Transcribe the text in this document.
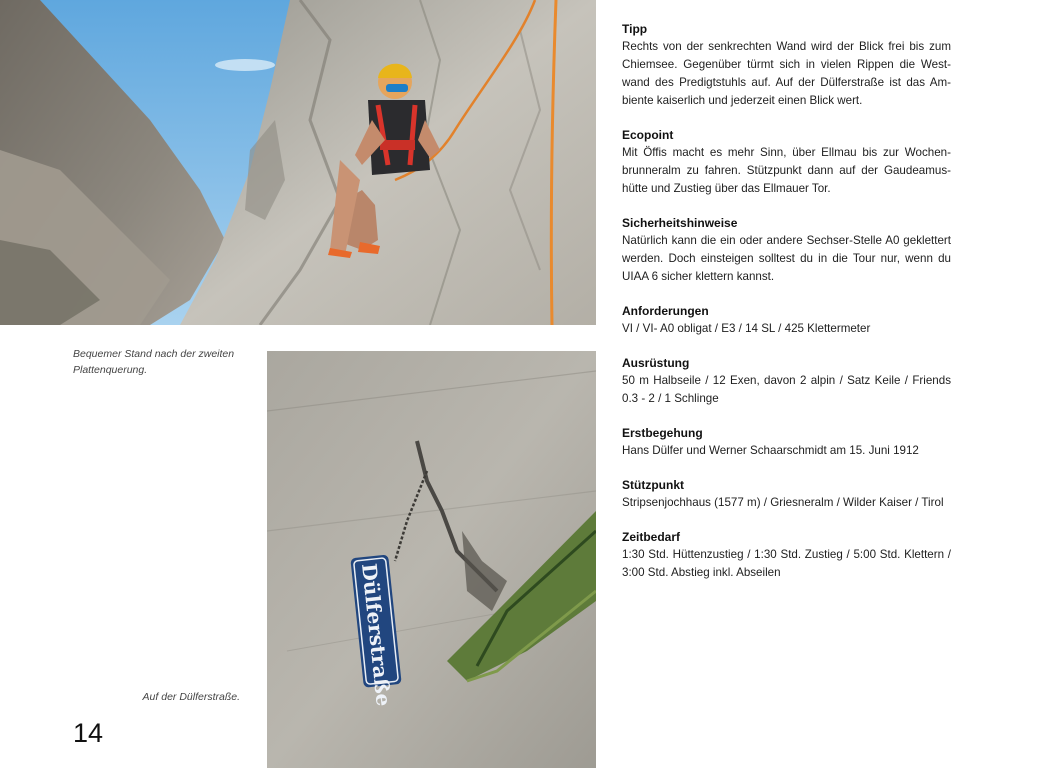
Bequemer Stand nach der zweiten Plattenquerung.
Dülferstraße
Auf der Dülferstraße.
14
Tipp

Rechts von der senkrechten Wand wird der Blick frei bis zum Chiemsee. Gegenüber türmt sich in vielen Rippen die Westwand des Predigtstuhls auf. Auf der Dülferstraße ist das Ambiente kaiserlich und jederzeit einen Blick wert.

Ecopoint

Mit Öffis macht es mehr Sinn, über Ellmau bis zur Wochenbrunneralm zu fahren. Stützpunkt dann auf der Gaudeamushütte und Zustieg über das Ellmauer Tor.

Sicherheitshinweise

Natürlich kann die ein oder andere Sechser-Stelle A0 geklettert werden. Doch einsteigen solltest du in die Tour nur, wenn du UIAA 6 sicher klettern kannst.

Anforderungen

VI / VI- A0 obligat / E3 / 14 SL / 425 Klettermeter

Ausrüstung

50 m Halbseile / 12 Exen, davon 2 alpin / Satz Keile / Friends 0.3 - 2 / 1 Schlinge

Erstbegehung

Hans Dülfer und Werner Schaarschmidt am 15. Juni 1912

Stützpunkt

Stripsenjochhaus (1577 m) / Griesneralm / Wilder Kaiser / Tirol

Zeitbedarf

1:30 Std. Hüttenzustieg / 1:30 Std. Zustieg / 5:00 Std. Klettern / 3:00 Std. Abstieg inkl. Abseilen
